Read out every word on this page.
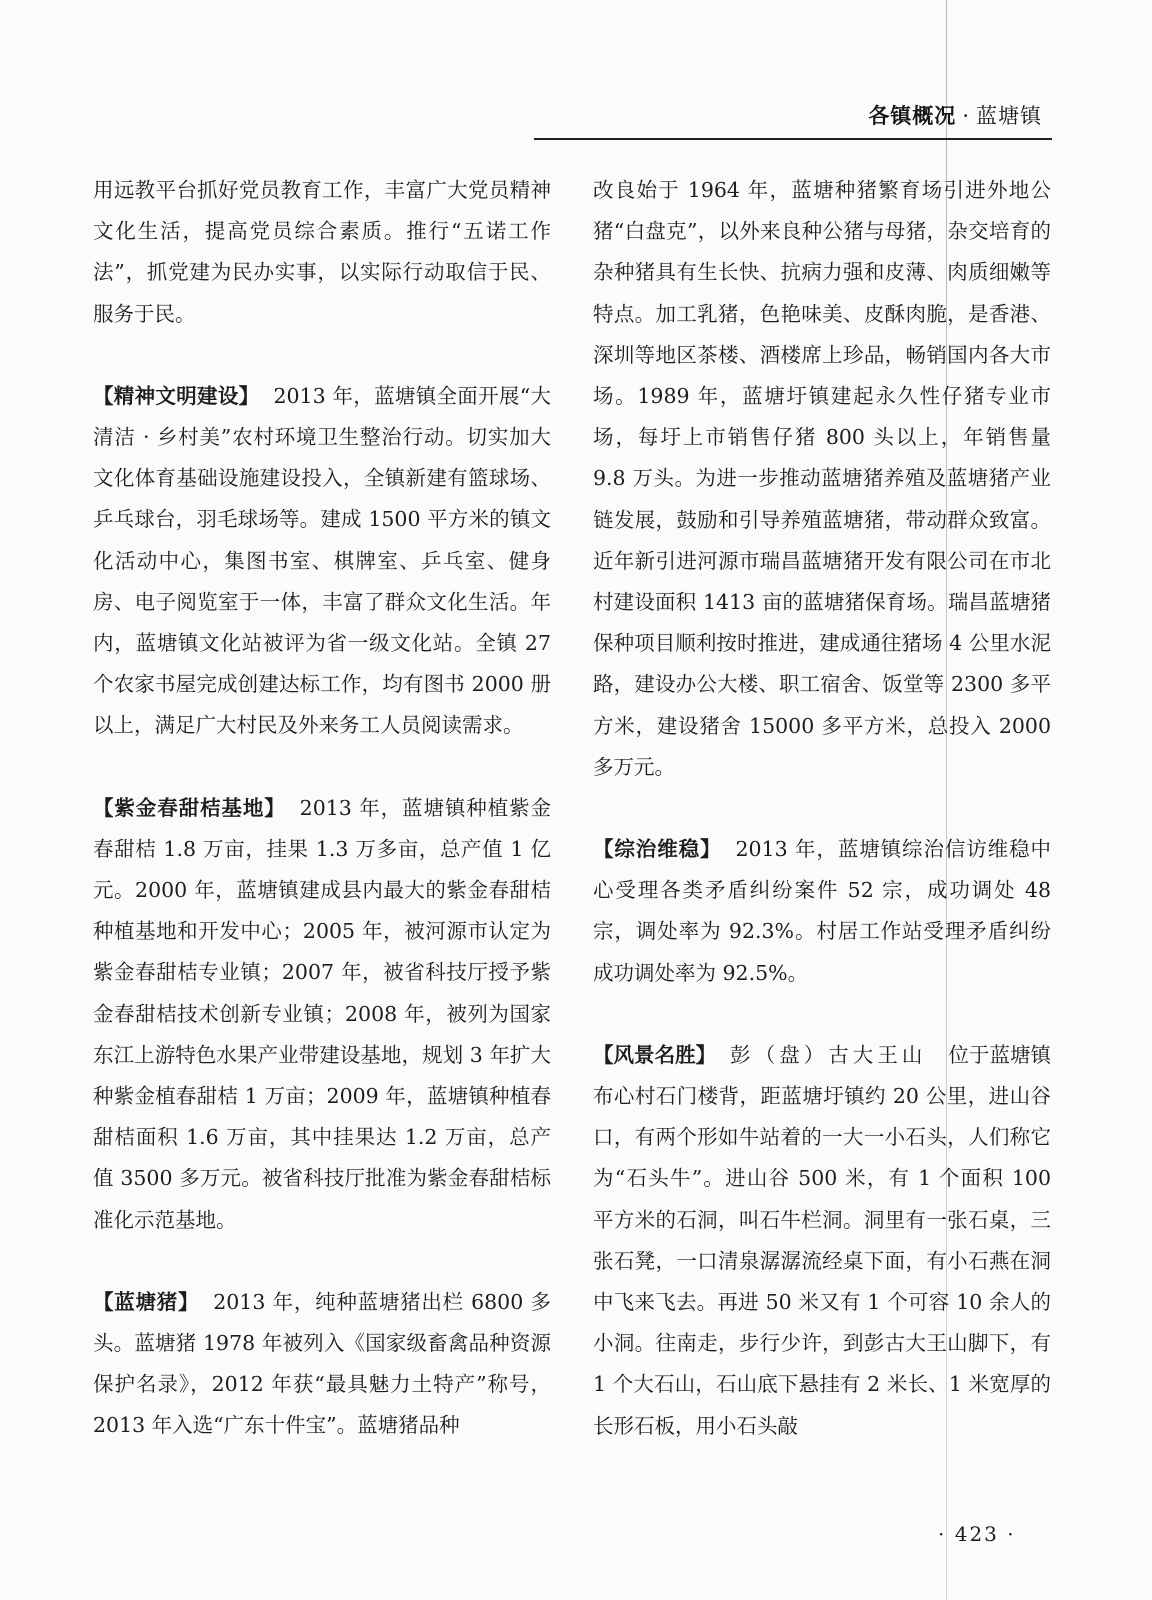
各镇概况 · 蓝塘镇

用远教平台抓好党员教育工作，丰富广大党员精神文化生活，提高党员综合素质。推行“五诺工作法”，抓党建为民办实事，以实际行动取信于民、服务于民。

【精神文明建设】 2013 年，蓝塘镇全面开展“大清洁 · 乡村美”农村环境卫生整治行动。切实加大文化体育基础设施建设投入，全镇新建有篮球场、乒乓球台，羽毛球场等。建成 1500 平方米的镇文化活动中心，集图书室、棋牌室、乒乓室、健身房、电子阅览室于一体，丰富了群众文化生活。年内，蓝塘镇文化站被评为省一级文化站。全镇 27 个农家书屋完成创建达标工作，均有图书 2000 册以上，满足广大村民及外来务工人员阅读需求。

【紫金春甜桔基地】 2013 年，蓝塘镇种植紫金春甜桔 1.8 万亩，挂果 1.3 万多亩，总产值 1 亿元。2000 年，蓝塘镇建成县内最大的紫金春甜桔种植基地和开发中心；2005 年，被河源市认定为紫金春甜桔专业镇；2007 年，被省科技厅授予紫金春甜桔技术创新专业镇；2008 年，被列为国家东江上游特色水果产业带建设基地，规划 3 年扩大种紫金植春甜桔 1 万亩；2009 年，蓝塘镇种植春甜桔面积 1.6 万亩，其中挂果达 1.2 万亩，总产值 3500 多万元。被省科技厅批准为紫金春甜桔标准化示范基地。

【蓝塘猪】 2013 年，纯种蓝塘猪出栏 6800 多头。蓝塘猪 1978 年被列入《国家级畜禽品种资源保护名录》，2012 年获“最具魅力土特产”称号，2013 年入选“广东十件宝”。蓝塘猪品种

改良始于 1964 年，蓝塘种猪繁育场引进外地公猪“白盘克”，以外来良种公猪与母猪，杂交培育的杂种猪具有生长快、抗病力强和皮薄、肉质细嫩等特点。加工乳猪，色艳味美、皮酥肉脆，是香港、深圳等地区茶楼、酒楼席上珍品，畅销国内各大市场。1989 年，蓝塘圩镇建起永久性仔猪专业市场，每圩上市销售仔猪 800 头以上，年销售量 9.8 万头。为进一步推动蓝塘猪养殖及蓝塘猪产业链发展，鼓励和引导养殖蓝塘猪，带动群众致富。近年新引进河源市瑞昌蓝塘猪开发有限公司在市北村建设面积 1413 亩的蓝塘猪保育场。瑞昌蓝塘猪保种项目顺利按时推进，建成通往猪场 4 公里水泥路，建设办公大楼、职工宿舍、饭堂等 2300 多平方米，建设猪舍 15000 多平方米，总投入 2000 多万元。

【综治维稳】 2013 年，蓝塘镇综治信访维稳中心受理各类矛盾纠纷案件 52 宗，成功调处 48 宗，调处率为 92.3%。村居工作站受理矛盾纠纷成功调处率为 92.5%。

【风景名胜】 彭（盘）古大王山 位于蓝塘镇布心村石门楼背，距蓝塘圩镇约 20 公里，进山谷口，有两个形如牛站着的一大一小石头，人们称它为“石头牛”。进山谷 500 米，有 1 个面积 100 平方米的石洞，叫石牛栏洞。洞里有一张石桌，三张石凳，一口清泉潺潺流经桌下面，有小石燕在洞中飞来飞去。再进 50 米又有 1 个可容 10 余人的小洞。往南走，步行少许，到彭古大王山脚下，有 1 个大石山，石山底下悬挂有 2 米长、1 米宽厚的长形石板，用小石头敲

· 423 ·
